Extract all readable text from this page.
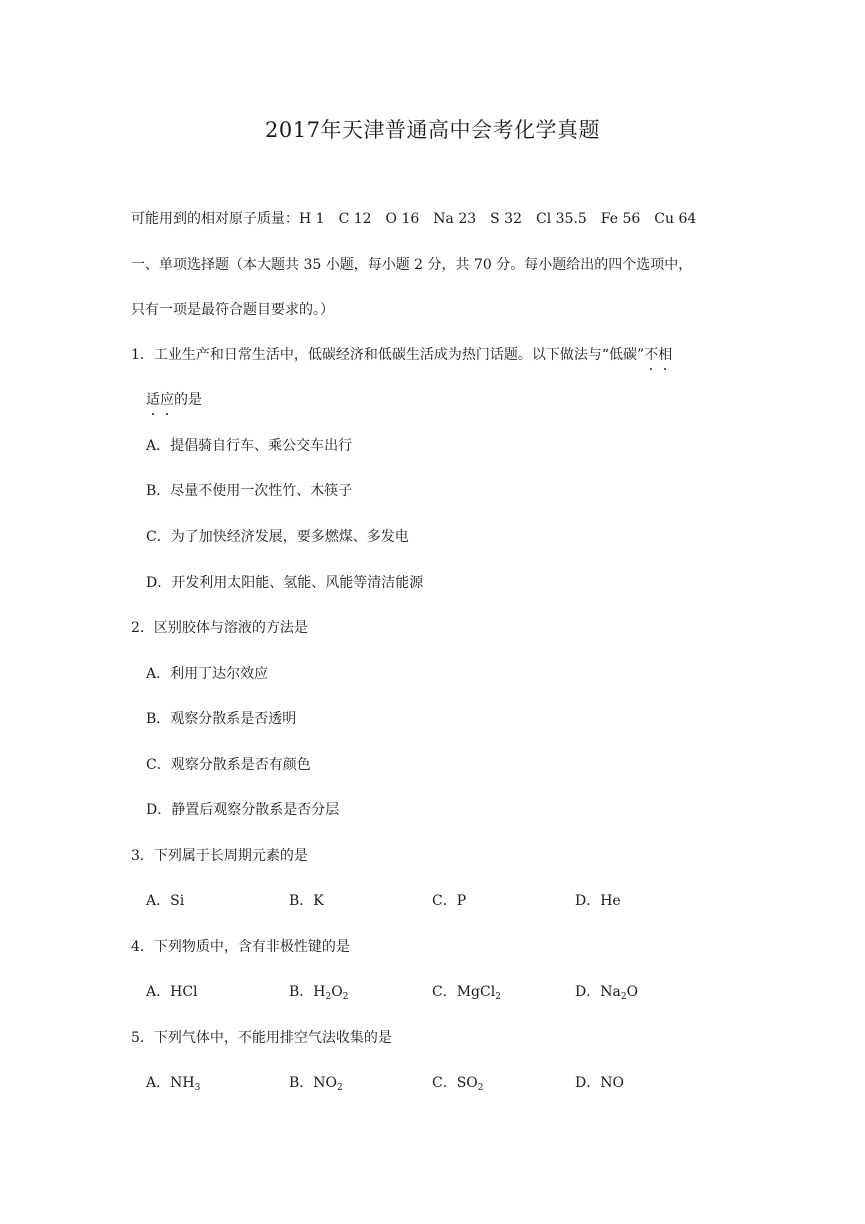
2017年天津普通高中会考化学真题
可能用到的相对原子质量：H 1　C 12　O 16　Na 23　S 32　Cl 35.5　Fe 56　Cu 64
一、单项选择题（本大题共 35 小题，每小题 2 分，共 70 分。每小题给出的四个选项中，
只有一项是最符合题目要求的。）
1．工业生产和日常生活中，低碳经济和低碳生活成为热门话题。以下做法与“低碳”不相
适应的是
A．提倡骑自行车、乘公交车出行
B．尽量不使用一次性竹、木筷子
C．为了加快经济发展，要多燃煤、多发电
D．开发利用太阳能、氢能、风能等清洁能源
2．区别胶体与溶液的方法是
A．利用丁达尔效应
B．观察分散系是否透明
C．观察分散系是否有颜色
D．静置后观察分散系是否分层
3．下列属于长周期元素的是
A．Si	B．K	C．P	D．He
4．下列物质中，含有非极性键的是
A．HCl	B．$H_2O_2$	C．MgCl$_2$	D．$Na_2O$
5．下列气体中，不能用排空气法收集的是
A．$NH_3$	B．$NO_2$	C．$SO_2$	D．NO
